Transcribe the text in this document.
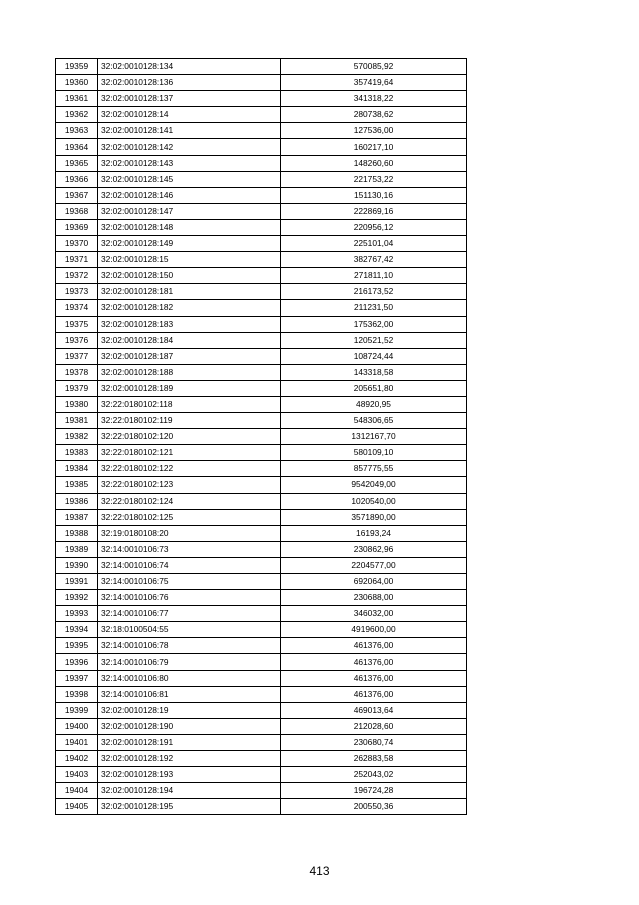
19359	32:02:0010128:134	570085,92
19360	32:02:0010128:136	357419,64
19361	32:02:0010128:137	341318,22
19362	32:02:0010128:14	280738,62
19363	32:02:0010128:141	127536,00
19364	32:02:0010128:142	160217,10
19365	32:02:0010128:143	148260,60
19366	32:02:0010128:145	221753,22
19367	32:02:0010128:146	151130,16
19368	32:02:0010128:147	222869,16
19369	32:02:0010128:148	220956,12
19370	32:02:0010128:149	225101,04
19371	32:02:0010128:15	382767,42
19372	32:02:0010128:150	271811,10
19373	32:02:0010128:181	216173,52
19374	32:02:0010128:182	211231,50
19375	32:02:0010128:183	175362,00
19376	32:02:0010128:184	120521,52
19377	32:02:0010128:187	108724,44
19378	32:02:0010128:188	143318,58
19379	32:02:0010128:189	205651,80
19380	32:22:0180102:118	48920,95
19381	32:22:0180102:119	548306,65
19382	32:22:0180102:120	1312167,70
19383	32:22:0180102:121	580109,10
19384	32:22:0180102:122	857775,55
19385	32:22:0180102:123	9542049,00
19386	32:22:0180102:124	1020540,00
19387	32:22:0180102:125	3571890,00
19388	32:19:0180108:20	16193,24
19389	32:14:0010106:73	230862,96
19390	32:14:0010106:74	2204577,00
19391	32:14:0010106:75	692064,00
19392	32:14:0010106:76	230688,00
19393	32:14:0010106:77	346032,00
19394	32:18:0100504:55	4919600,00
19395	32:14:0010106:78	461376,00
19396	32:14:0010106:79	461376,00
19397	32:14:0010106:80	461376,00
19398	32:14:0010106:81	461376,00
19399	32:02:0010128:19	469013,64
19400	32:02:0010128:190	212028,60
19401	32:02:0010128:191	230680,74
19402	32:02:0010128:192	262883,58
19403	32:02:0010128:193	252043,02
19404	32:02:0010128:194	196724,28
19405	32:02:0010128:195	200550,36
413
